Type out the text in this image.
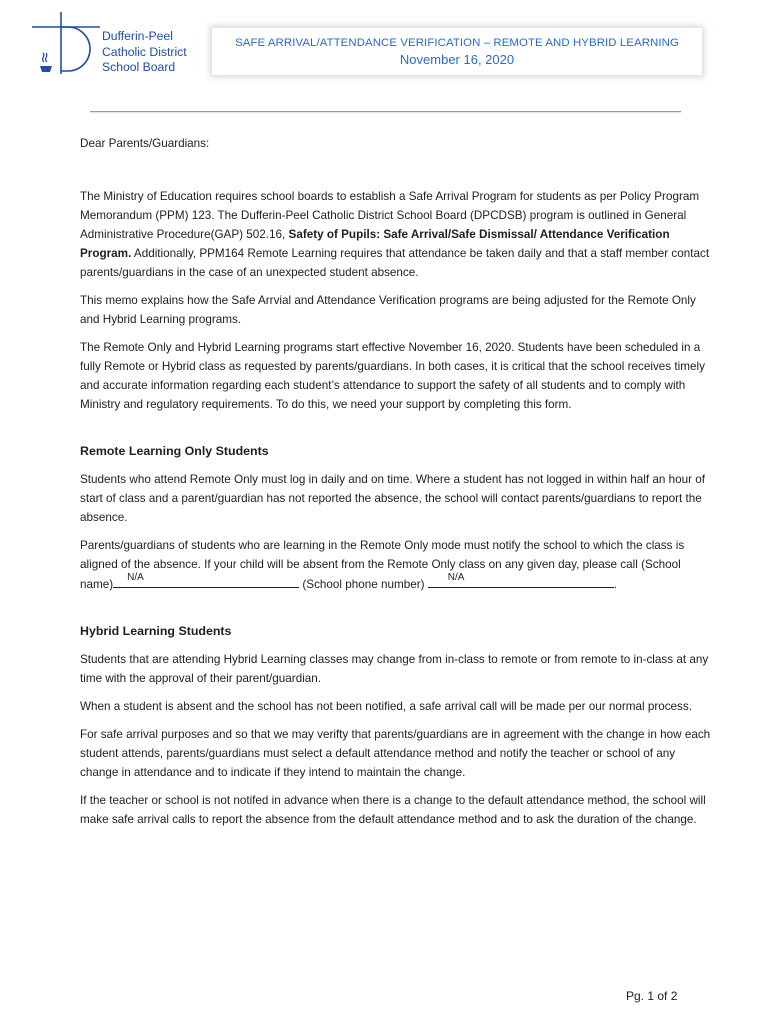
Dufferin-Peel
Catholic District
School Board
SAFE ARRIVAL/ATTENDANCE VERIFICATION – REMOTE AND HYBRID LEARNING
November 16, 2020

Dear Parents/Guardians:

The Ministry of Education requires school boards to establish a Safe Arrival Program for students as per Policy Program Memorandum (PPM) 123. The Dufferin-Peel Catholic District School Board (DPCDSB) program is outlined in General Administrative Procedure(GAP) 502.16, Safety of Pupils: Safe Arrival/Safe Dismissal/ Attendance Verification Program. Additionally, PPM164 Remote Learning requires that attendance be taken daily and that a staff member contact parents/guardians in the case of an unexpected student absence.

This memo explains how the Safe Arrvial and Attendance Verification programs are being adjusted for the Remote Only and Hybrid Learning programs.

The Remote Only and Hybrid Learning programs start effective November 16, 2020. Students have been scheduled in a fully Remote or Hybrid class as requested by parents/guardians. In both cases, it is critical that the school receives timely and accurate information regarding each student’s attendance to support the safety of all students and to comply with Ministry and regulatory requirements. To do this, we need your support by completing this form.

Remote Learning Only Students

Students who attend Remote Only must log in daily and on time. Where a student has not logged in within half an hour of start of class and a parent/guardian has not reported the absence, the school will contact parents/guardians to report the absence.

Parents/guardians of students who are learning in the Remote Only mode must notify the school to which the class is aligned of the absence. If your child will be absent from the Remote Only class on any given day, please call (School name)
N/A
(School phone number)
N/A
.

Hybrid Learning Students

Students that are attending Hybrid Learning classes may change from in-class to remote or from remote to in-class at any time with the approval of their parent/guardian.

When a student is absent and the school has not been notified, a safe arrival call will be made per our normal process.

For safe arrival purposes and so that we may verifty that parents/guardians are in agreement with the change in how each student attends, parents/guardians must select a default attendance method and notify the teacher or school of any change in attendance and to indicate if they intend to maintain the change.

If the teacher or school is not notifed in advance when there is a change to the default attendance method, the school will make safe arrival calls to report the absence from the default attendance method and to ask the duration of the change.

Pg. 1 of 2
